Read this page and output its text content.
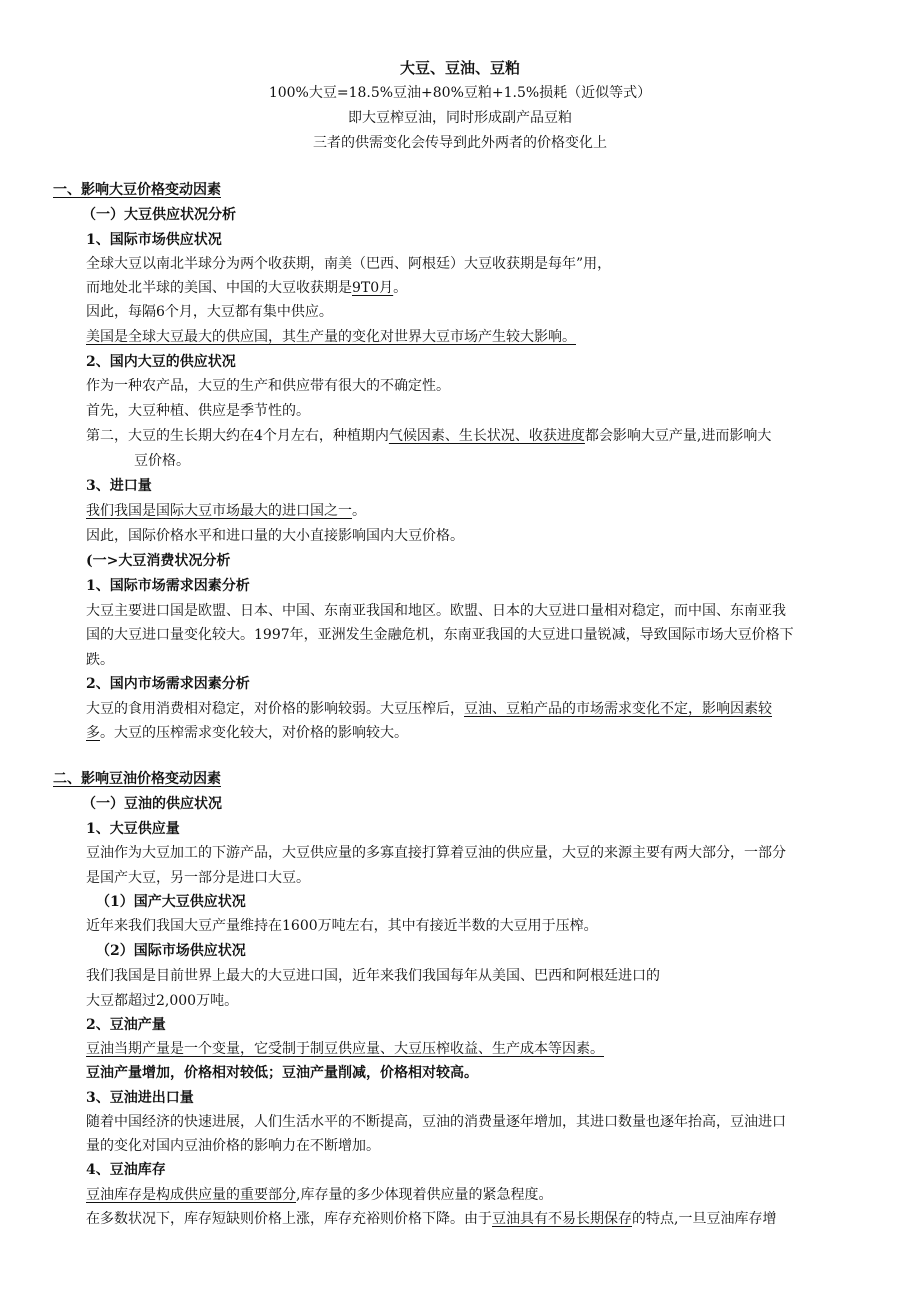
大豆、豆油、豆粕
100%大豆=18.5%豆油+80%豆粕+1.5%损耗（近似等式）
即大豆榨豆油，同时形成副产品豆粕
三者的供需变化会传导到此外两者的价格变化上
一、影响大豆价格变动因素
（一）大豆供应状况分析
1、国际市场供应状况
全球大豆以南北半球分为两个收获期，南美（巴西、阿根廷）大豆收获期是每年”用，
而地处北半球的美国、中国的大豆收获期是9T0月。
因此，每隔6个月，大豆都有集中供应。
美国是全球大豆最大的供应国，其生产量的变化对世界大豆市场产生较大影响。
2、国内大豆的供应状况
作为一种农产品，大豆的生产和供应带有很大的不确定性。
首先，大豆种植、供应是季节性的。
第二，大豆的生长期大约在4个月左右，种植期内气候因素、生长状况、收获进度都会影响大豆产量,进而影响大
豆价格。
3、进口量
我们我国是国际大豆市场最大的进口国之一。
因此，国际价格水平和进口量的大小直接影响国内大豆价格。
(一>大豆消费状况分析
1、国际市场需求因素分析
大豆主要进口国是欧盟、日本、中国、东南亚我国和地区。欧盟、日本的大豆进口量相对稳定，而中国、东南亚我
国的大豆进口量变化较大。1997年，亚洲发生金融危机，东南亚我国的大豆进口量锐减，导致国际市场大豆价格下
跌。
2、国内市场需求因素分析
大豆的食用消费相对稳定，对价格的影响较弱。大豆压榨后，豆油、豆粕产品的市场需求变化不定，影响因素较
多。大豆的压榨需求变化较大，对价格的影响较大。
二、影响豆油价格变动因素
（一）豆油的供应状况
1、大豆供应量
豆油作为大豆加工的下游产品，大豆供应量的多寡直接打算着豆油的供应量，大豆的来源主要有两大部分，一部分
是国产大豆，另一部分是进口大豆。
（1）国产大豆供应状况
近年来我们我国大豆产量维持在1600万吨左右，其中有接近半数的大豆用于压榨。
（2）国际市场供应状况
我们我国是目前世界上最大的大豆进口国，近年来我们我国每年从美国、巴西和阿根廷进口的
大豆都超过2,000万吨。
2、豆油产量
豆油当期产量是一个变量，它受制于制豆供应量、大豆压榨收益、生产成本等因素。
豆油产量增加，价格相对较低；豆油产量削减，价格相对较高。
3、豆油进出口量
随着中国经济的快速进展，人们生活水平的不断提高，豆油的消费量逐年增加，其进口数量也逐年抬高，豆油进口
量的变化对国内豆油价格的影响力在不断增加。
4、豆油库存
豆油库存是构成供应量的重要部分,库存量的多少体现着供应量的紧急程度。
在多数状况下，库存短缺则价格上涨，库存充裕则价格下降。由于豆油具有不易长期保存的特点,一旦豆油库存增
